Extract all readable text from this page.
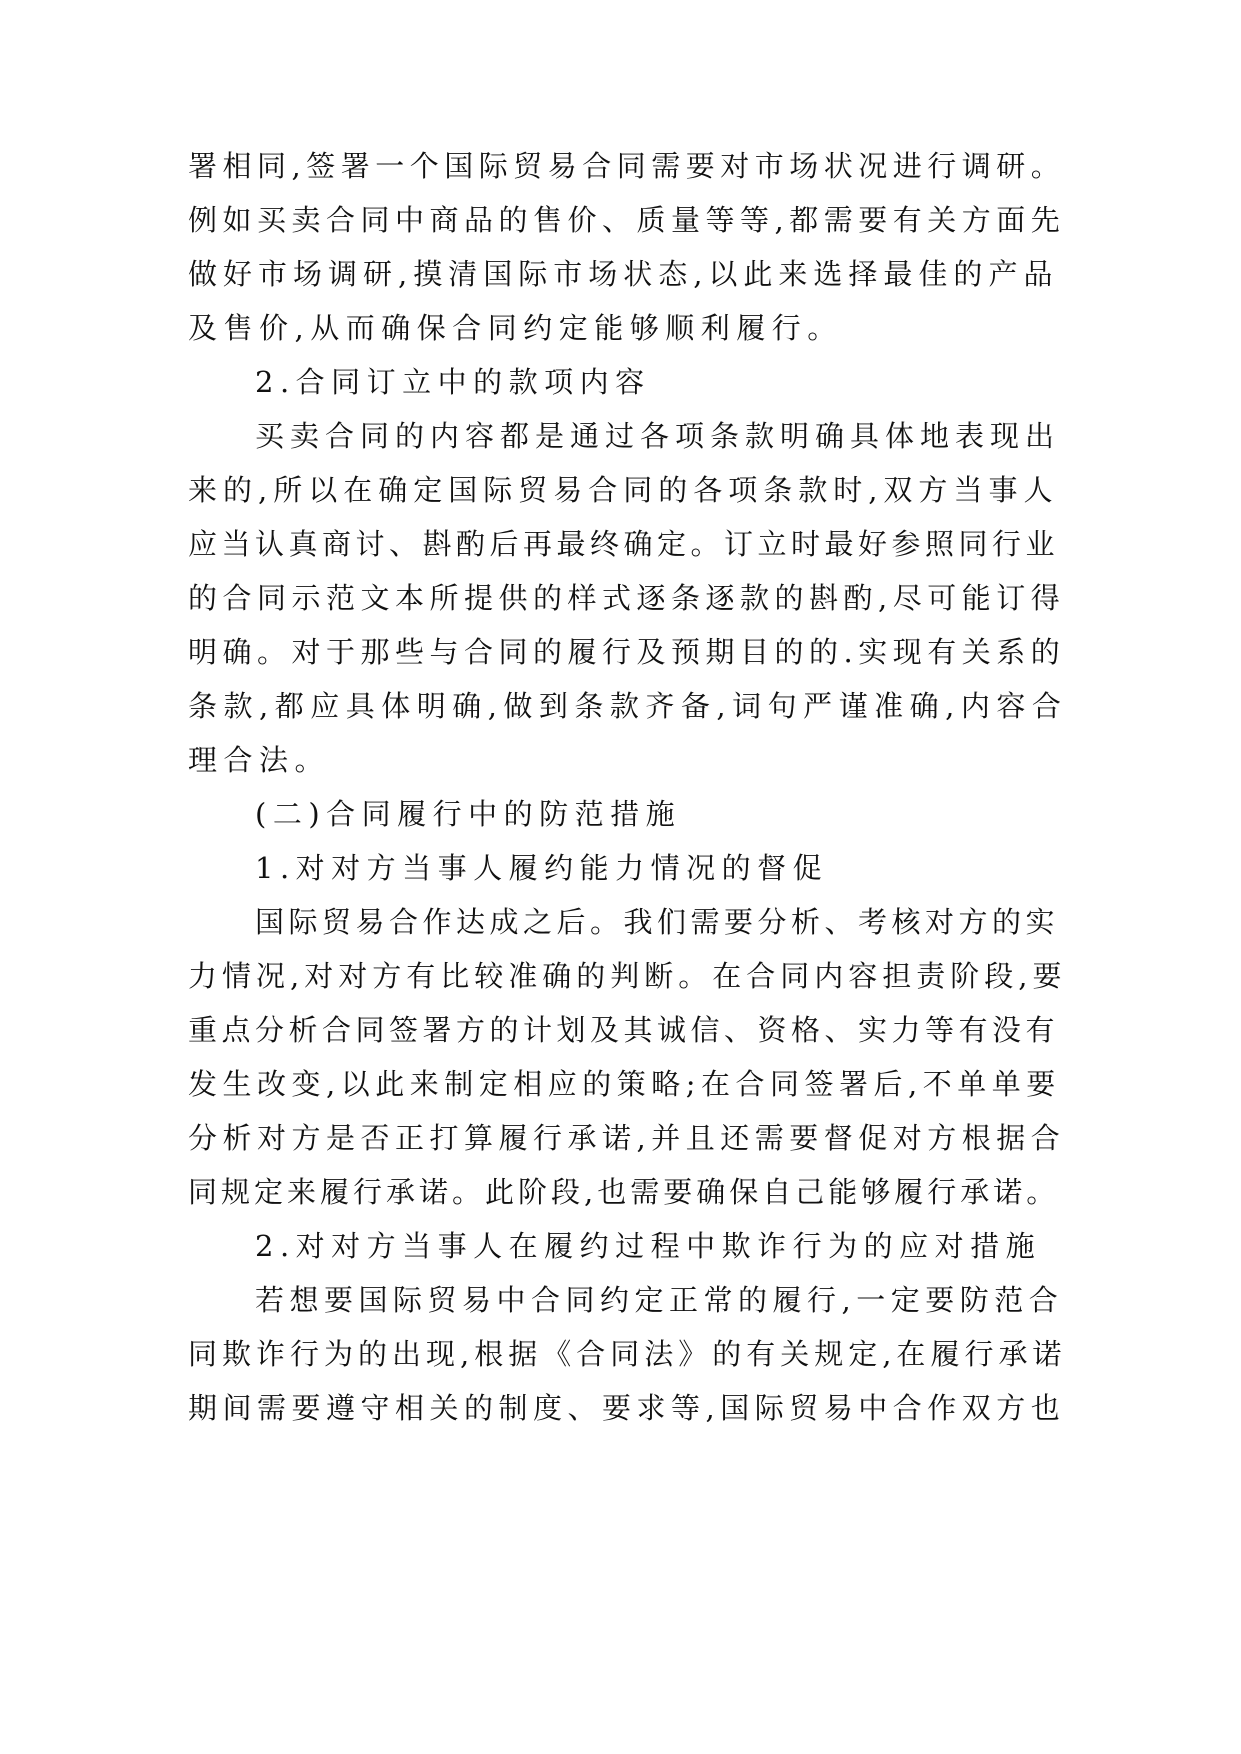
署相同,签署一个国际贸易合同需要对市场状况进行调研。
例如买卖合同中商品的售价、质量等等,都需要有关方面先
做好市场调研,摸清国际市场状态,以此来选择最佳的产品
及售价,从而确保合同约定能够顺利履行。
2.合同订立中的款项内容
买卖合同的内容都是通过各项条款明确具体地表现出
来的,所以在确定国际贸易合同的各项条款时,双方当事人
应当认真商讨、斟酌后再最终确定。订立时最好参照同行业
的合同示范文本所提供的样式逐条逐款的斟酌,尽可能订得
明确。对于那些与合同的履行及预期目的的.实现有关系的
条款,都应具体明确,做到条款齐备,词句严谨准确,内容合
理合法。
(二)合同履行中的防范措施
1.对对方当事人履约能力情况的督促
国际贸易合作达成之后。我们需要分析、考核对方的实
力情况,对对方有比较准确的判断。在合同内容担责阶段,要
重点分析合同签署方的计划及其诚信、资格、实力等有没有
发生改变,以此来制定相应的策略;在合同签署后,不单单要
分析对方是否正打算履行承诺,并且还需要督促对方根据合
同规定来履行承诺。此阶段,也需要确保自己能够履行承诺。
2.对对方当事人在履约过程中欺诈行为的应对措施
若想要国际贸易中合同约定正常的履行,一定要防范合
同欺诈行为的出现,根据《合同法》的有关规定,在履行承诺
期间需要遵守相关的制度、要求等,国际贸易中合作双方也
